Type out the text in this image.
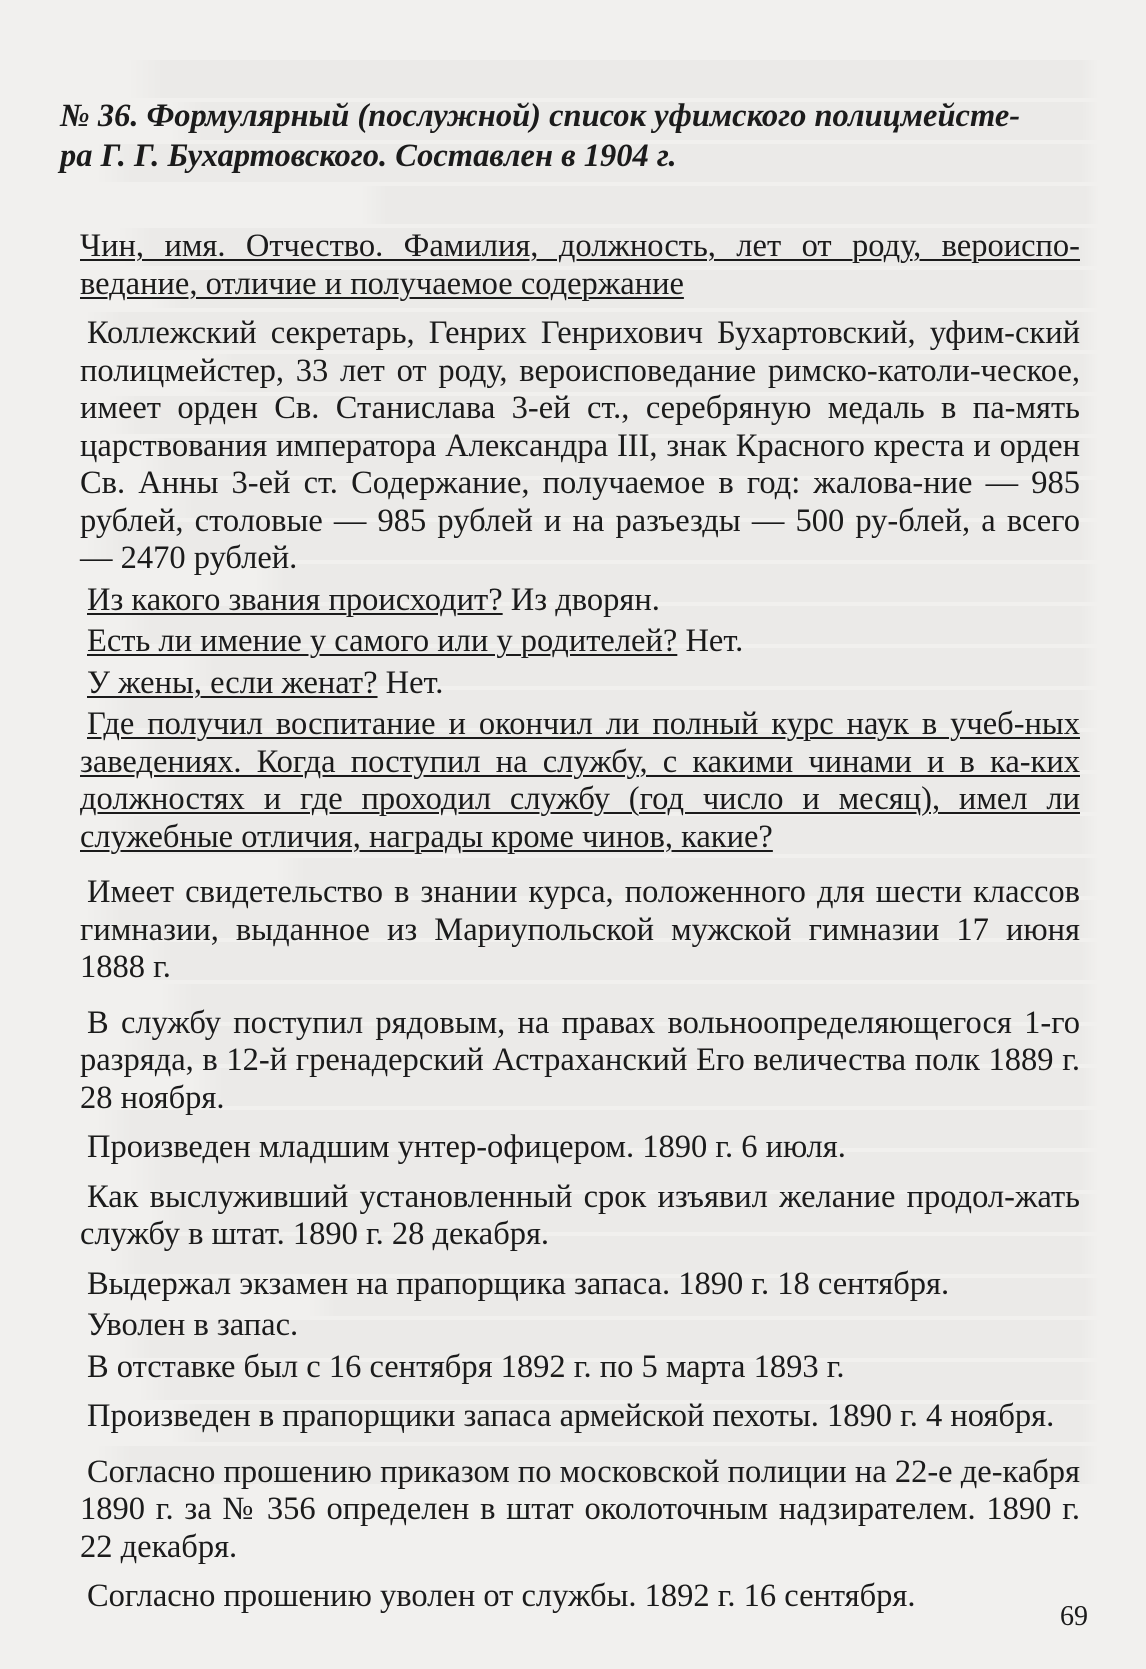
№ 36. Формулярный (послужной) список уфимского полицмейсте-
ра Г. Г. Бухартовского. Составлен в 1904 г.

Чин, имя. Отчество. Фамилия, должность, лет от роду, вероиспо-ведание, отличие и получаемое содержание

Коллежский секретарь, Генрих Генрихович Бухартовский, уфим-ский полицмейстер, 33 лет от роду, вероисповедание римско-католи-ческое, имеет орден Св. Станислава 3-ей ст., серебряную медаль в па-мять царствования императора Александра III, знак Красного креста и орден Св. Анны 3-ей ст. Содержание, получаемое в год: жалова-ние — 985 рублей, столовые — 985 рублей и на разъезды — 500 ру-блей, а всего — 2470 рублей.

Из какого звания происходит? Из дворян.

Есть ли имение у самого или у родителей? Нет.

У жены, если женат? Нет.

Где получил воспитание и окончил ли полный курс наук в учеб-ных заведениях. Когда поступил на службу, с какими чинами и в ка-ких должностях и где проходил службу (год число и месяц), имел ли служебные отличия, награды кроме чинов, какие?

Имеет свидетельство в знании курса, положенного для шести классов гимназии, выданное из Мариупольской мужской гимназии 17 июня 1888 г.

В службу поступил рядовым, на правах вольноопределяющегося 1-го разряда, в 12-й гренадерский Астраханский Его величества полк 1889 г. 28 ноября.

Произведен младшим унтер-офицером. 1890 г. 6 июля.

Как выслуживший установленный срок изъявил желание продол-жать службу в штат. 1890 г. 28 декабря.

Выдержал экзамен на прапорщика запаса. 1890 г. 18 сентября.

Уволен в запас.

В отставке был с 16 сентября 1892 г. по 5 марта 1893 г.

Произведен в прапорщики запаса армейской пехоты. 1890 г. 4 ноября.

Согласно прошению приказом по московской полиции на 22-е де-кабря 1890 г. за № 356 определен в штат околоточным надзирателем. 1890 г. 22 декабря.

Согласно прошению уволен от службы. 1892 г. 16 сентября.

69
